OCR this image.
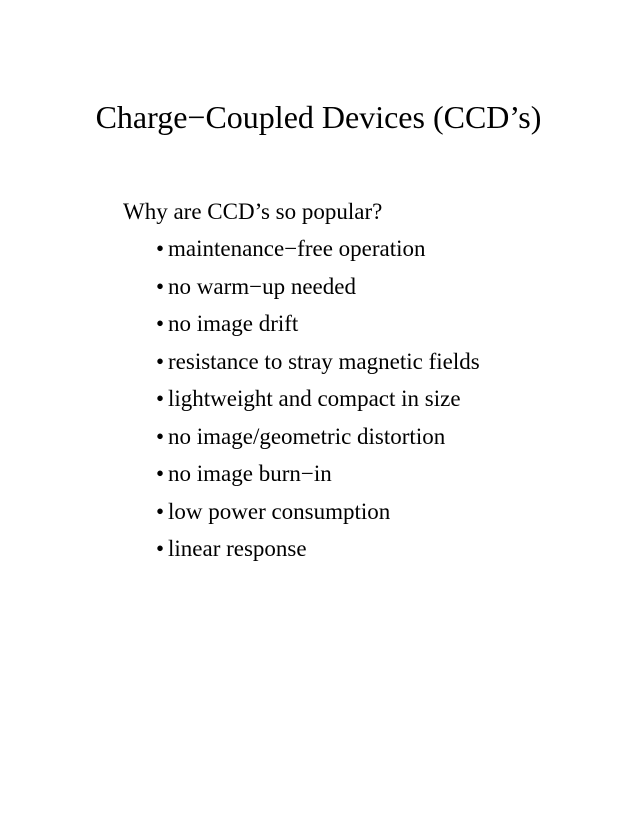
Charge−Coupled Devices (CCD’s)
Why are CCD’s so popular?
• maintenance−free operation
• no warm−up needed
• no image drift
• resistance to stray magnetic fields
• lightweight and compact in size
• no image/geometric distortion
• no image burn−in
• low power consumption
• linear response
